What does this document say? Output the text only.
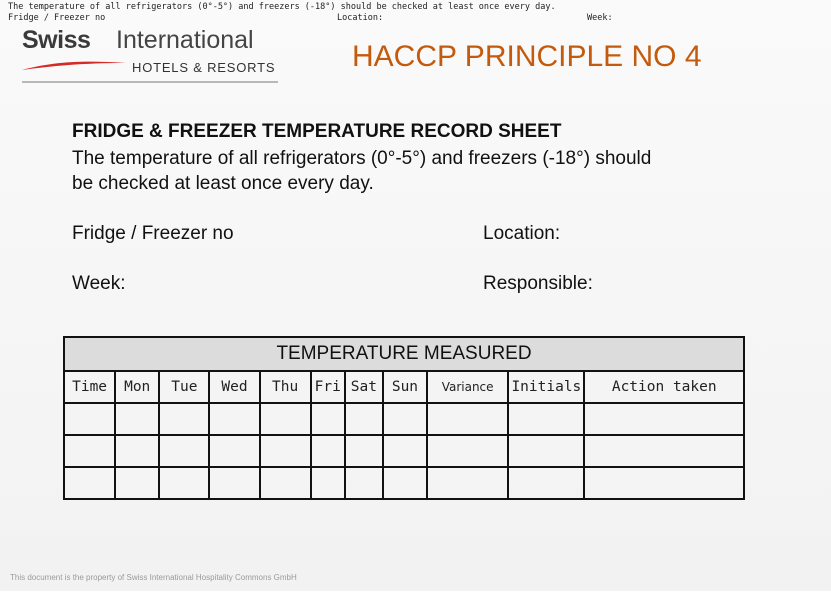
The temperature of all refrigerators (0°-5°) and freezers (-18°) should be checked at least once every day.
Fridge / Freezer no	Location:	Week:
Swiss International
HOTELS & RESORTS	HACCP PRINCIPLE NO 4
FRIDGE & FREEZER TEMPERATURE RECORD SHEET
The temperature of all refrigerators (0°-5°) and freezers (-18°) should
be checked at least once every day.
Fridge / Freezer no	Location:
Week:	Responsible:
TEMPERATURE MEASURED										
Time	Mon	Tue	Wed	Thu	Fri	Sat	Sun	Variance	Initials	Action taken

This document is the property of Swiss International Hospitality Commons GmbH
